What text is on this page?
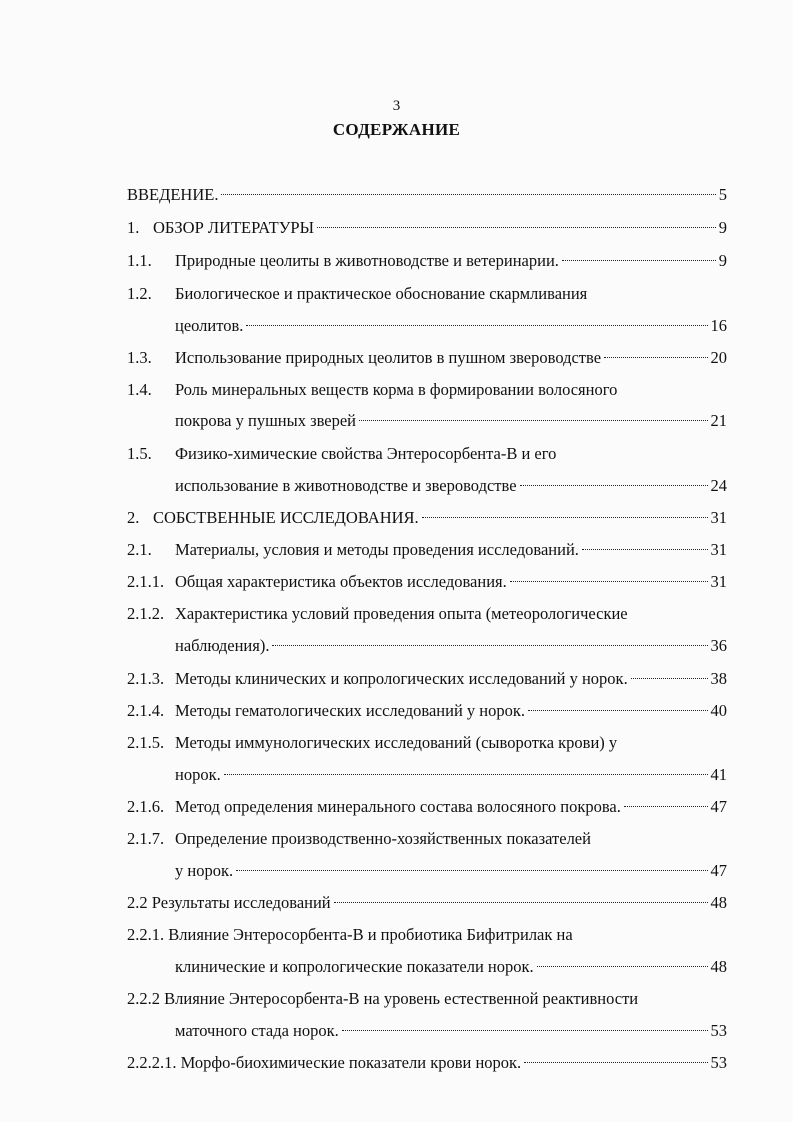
3
СОДЕРЖАНИЕ
ВВЕДЕНИЕ.	5
1. ОБЗОР ЛИТЕРАТУРЫ	9
1.1.	Природные цеолиты в животноводстве и ветеринарии.	9
1.2.	Биологическое и практическое обоснование скармливания
цеолитов.	16
1.3.	Использование природных цеолитов в пушном звероводстве	20
1.4.	Роль минеральных веществ корма в формировании волосяного
покрова у пушных зверей	21
1.5.	Физико-химические свойства Энтеросорбента-В и его
использование в животноводстве и звероводстве	24
2. СОБСТВЕННЫЕ ИССЛЕДОВАНИЯ.	31
2.1.	Материалы, условия и методы проведения исследований.	31
2.1.1. Общая характеристика объектов исследования.	31
2.1.2. Характеристика условий проведения опыта (метеорологические
наблюдения).	36
2.1.3. Методы клинических и копрологических исследований у норок.	38
2.1.4. Методы гематологических исследований у норок.	40
2.1.5. Методы иммунологических исследований (сыворотка крови) у
норок.	41
2.1.6. Метод определения минерального состава волосяного покрова.	47
2.1.7. Определение производственно-хозяйственных показателей
у норок.	47
2.2 Результаты исследований	48
2.2.1. Влияние Энтеросорбента-В и пробиотика Бифитрилак на
клинические и копрологические показатели норок.	48
2.2.2 Влияние Энтеросорбента-В на уровень естественной реактивности
маточного стада норок.	53
2.2.2.1. Морфо-биохимические показатели крови норок.	53
